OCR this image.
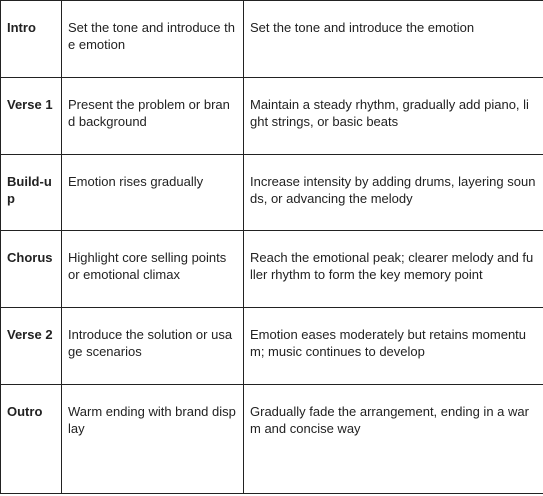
Intro	Set the tone and introduce the emotion	Set the tone and introduce the emotion
Verse 1	Present the problem or brand background	Maintain a steady rhythm, gradually add piano, light strings, or basic beats
Build-up	Emotion rises gradually	Increase intensity by adding drums, layering sounds, or advancing the melody
Chorus	Highlight core selling points or emotional climax	Reach the emotional peak; clearer melody and fuller rhythm to form the key memory point
Verse 2	Introduce the solution or usage scenarios	Emotion eases moderately but retains momentum; music continues to develop
Outro	Warm ending with brand display	Gradually fade the arrangement, ending in a warm and concise way
